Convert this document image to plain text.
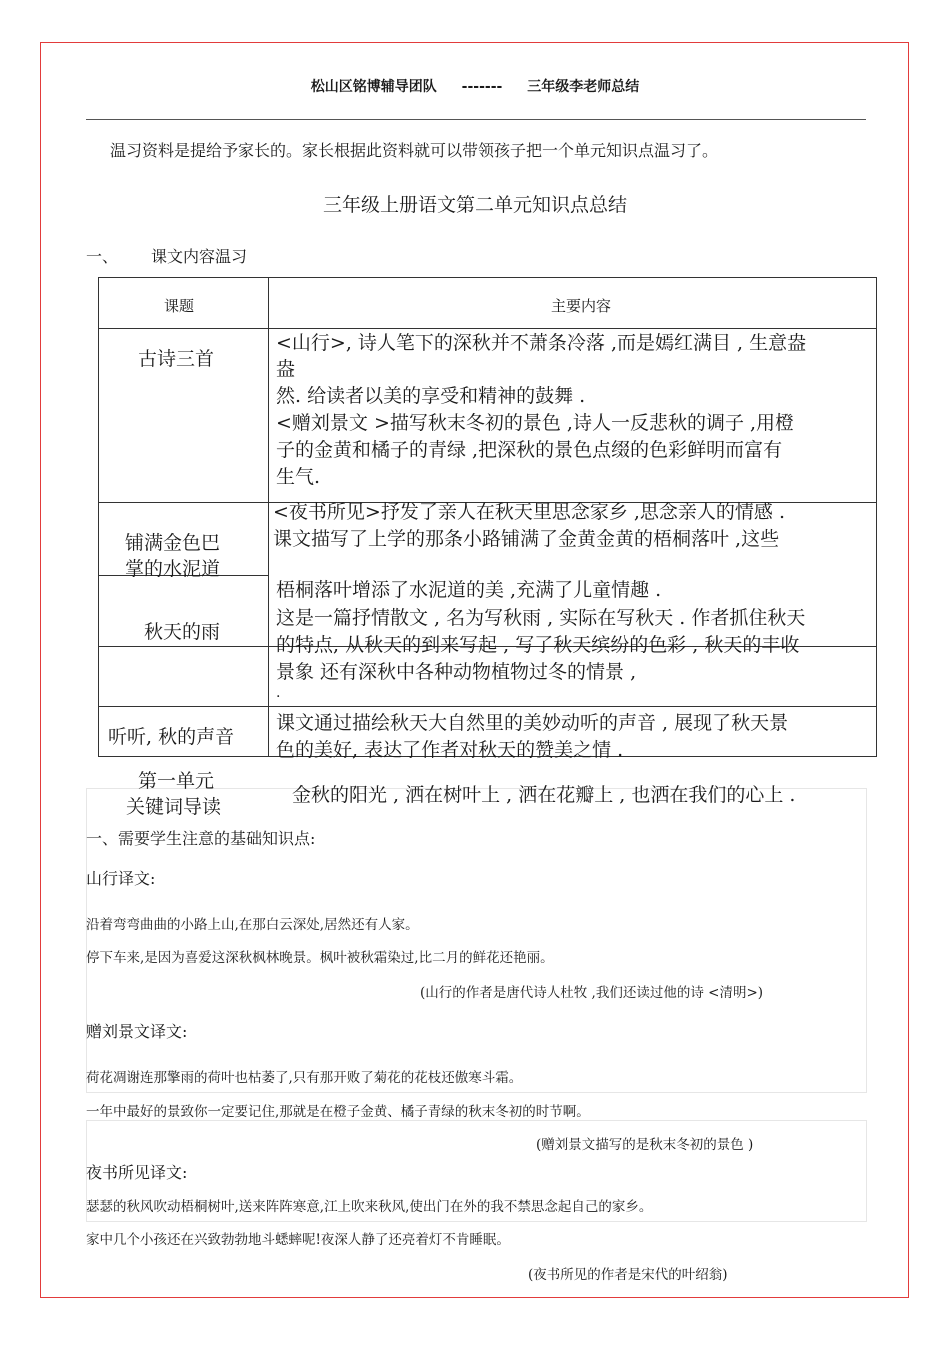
松山区铭博辅导团队 ------- 三年级李老师总结
温习资料是提给予家长的。家长根据此资料就可以带领孩子把一个单元知识点温习了。
三年级上册语文第二单元知识点总结
一、 课文内容温习
课题	主要内容
古诗三首
<山行>, 诗人笔下的深秋并不萧条冷落 ,而是嫣红满目 , 生意盎
盎
然. 给读者以美的享受和精神的鼓舞 .
<赠刘景文 >描写秋末冬初的景色 ,诗人一反悲秋的调子 ,用橙
子的金黄和橘子的青绿 ,把深秋的景色点缀的色彩鲜明而富有
生气.
铺满金色巴
掌的水泥道
<夜书所见>抒发了亲人在秋天里思念家乡 ,思念亲人的情感 .
课文描写了上学的那条小路铺满了金黄金黄的梧桐落叶 ,这些
梧桐落叶增添了水泥道的美 ,充满了儿童情趣 .
秋天的雨
这是一篇抒情散文 , 名为写秋雨 , 实际在写秋天 . 作者抓住秋天
的特点, 从秋天的到来写起 , 写了秋天缤纷的色彩 , 秋天的丰收
景象 还有深秋中各种动物植物过冬的情景 ,
.
听听, 秋的声音
课文通过描绘秋天大自然里的美妙动听的声音 , 展现了秋天景
色的美好, 表达了作者对秋天的赞美之情 .
第一单元
关键词导读
金秋的阳光 , 洒在树叶上 , 洒在花瓣上 , 也洒在我们的心上 .
一、需要学生注意的基础知识点:
山行译文:
沿着弯弯曲曲的小路上山,在那白云深处,居然还有人家。
停下车来,是因为喜爱这深秋枫林晚景。枫叶被秋霜染过,比二月的鲜花还艳丽。
(山行的作者是唐代诗人杜牧 ,我们还读过他的诗 <清明>)
赠刘景文译文:
荷花凋谢连那擎雨的荷叶也枯萎了,只有那开败了菊花的花枝还傲寒斗霜。
一年中最好的景致你一定要记住,那就是在橙子金黄、橘子青绿的秋末冬初的时节啊。
(赠刘景文描写的是秋末冬初的景色 )
夜书所见译文:
瑟瑟的秋风吹动梧桐树叶,送来阵阵寒意,江上吹来秋风,使出门在外的我不禁思念起自己的家乡。
家中几个小孩还在兴致勃勃地斗蟋蟀呢!夜深人静了还亮着灯不肯睡眠。
(夜书所见的作者是宋代的叶绍翁)
